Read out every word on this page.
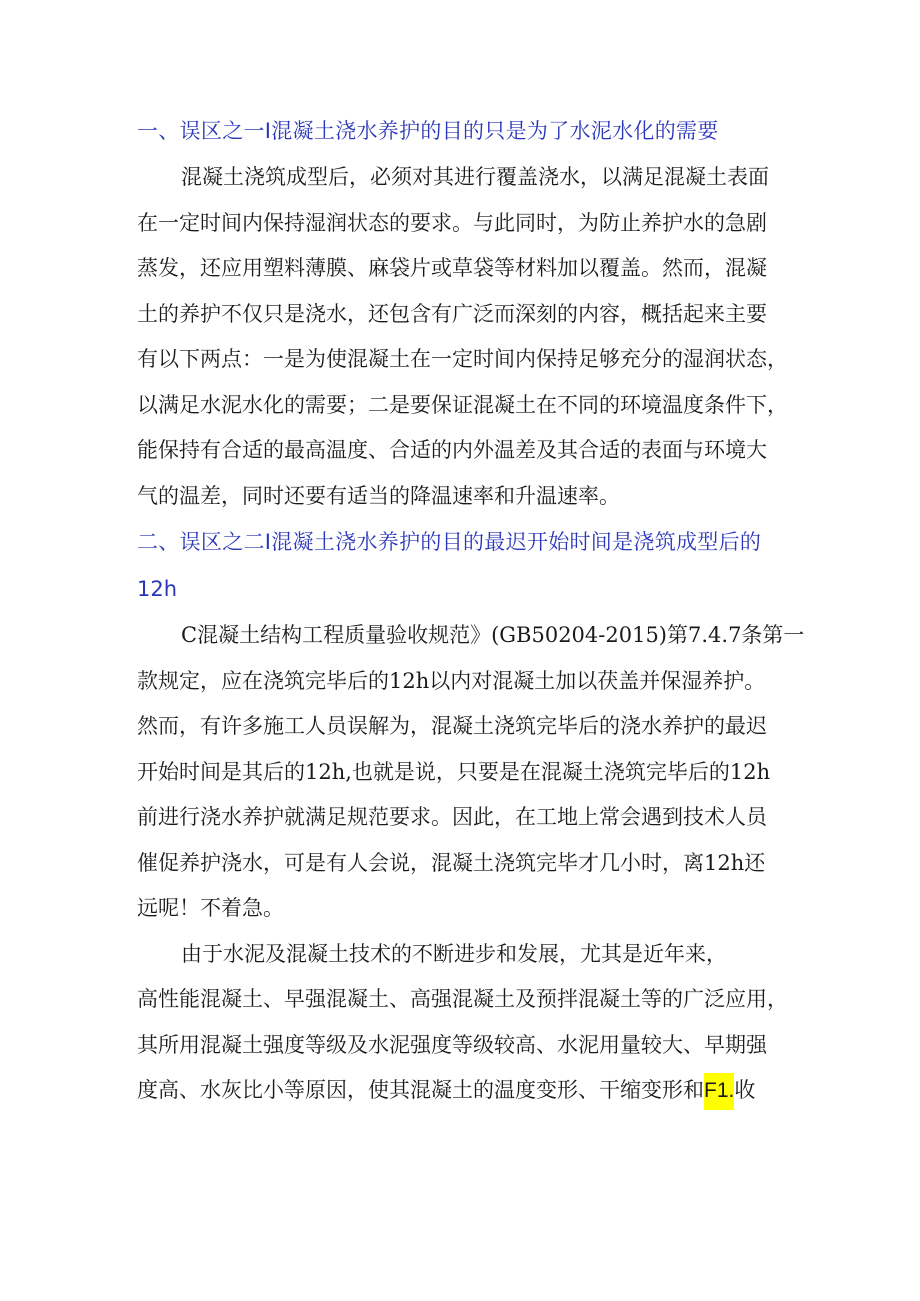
一、误区之一I混凝土浇水养护的目的只是为了水泥水化的需要

混凝土浇筑成型后，必须对其进行覆盖浇水，以满足混凝土表面
在一定时间内保持湿润状态的要求。与此同时，为防止养护水的急剧
蒸发，还应用塑料薄膜、麻袋片或草袋等材料加以覆盖。然而，混凝
土的养护不仅只是浇水，还包含有广泛而深刻的内容，概括起来主要
有以下两点：一是为使混凝土在一定时间内保持足够充分的湿润状态，
以满足水泥水化的需要；二是要保证混凝土在不同的环境温度条件下，
能保持有合适的最高温度、合适的内外温差及其合适的表面与环境大
气的温差，同时还要有适当的降温速率和升温速率。

二、误区之二I混凝土浇水养护的目的最迟开始时间是浇筑成型后的
12h

C混凝土结构工程质量验收规范》(GB50204-2015)第7.4.7条第一
款规定，应在浇筑完毕后的12h以内对混凝土加以茯盖并保湿养护。
然而，有许多施工人员误解为，混凝土浇筑完毕后的浇水养护的最迟
开始时间是其后的12h,也就是说，只要是在混凝土浇筑完毕后的12h
前进行浇水养护就满足规范要求。因此，在工地上常会遇到技术人员
催促养护浇水，可是有人会说，混凝土浇筑完毕才几小时，离12h还
远呢！不着急。

由于水泥及混凝土技术的不断进步和发展，尤其是近年来，
高性能混凝土、早强混凝土、高强混凝土及预拌混凝土等的广泛应用，
其所用混凝土强度等级及水泥强度等级较高、水泥用量较大、早期强
度高、水灰比小等原因，使其混凝土的温度变形、干缩变形和F1.收
